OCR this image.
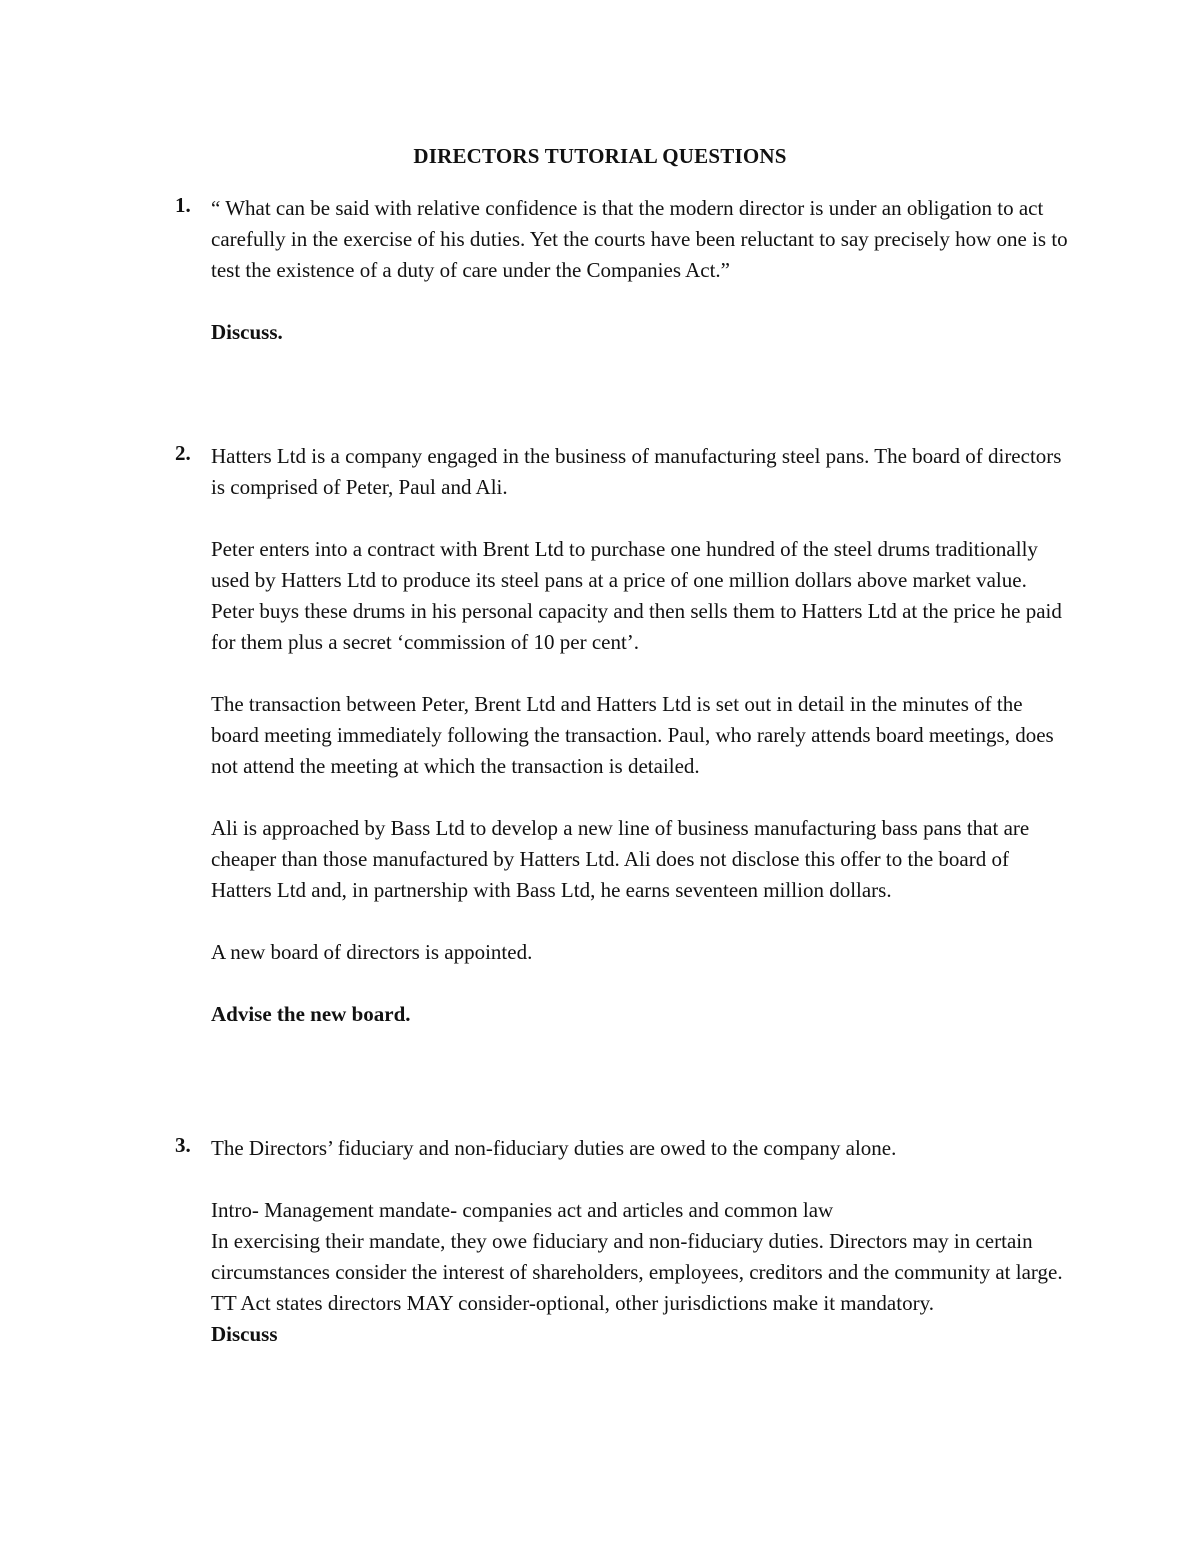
DIRECTORS TUTORIAL QUESTIONS
1. “ What can be said with relative confidence is that the modern director is under an obligation to act carefully in the exercise of his duties. Yet the courts have been reluctant to say precisely how one is to test the existence of a duty of care under the Companies Act.”

Discuss.

2. Hatters Ltd is a company engaged in the business of manufacturing steel pans. The board of directors is comprised of Peter, Paul and Ali.

Peter enters into a contract with Brent Ltd to purchase one hundred of the steel drums traditionally used by Hatters Ltd to produce its steel pans at a price of one million dollars above market value. Peter buys these drums in his personal capacity and then sells them to Hatters Ltd at the price he paid for them plus a secret ‘commission of 10 per cent’.

The transaction between Peter, Brent Ltd and Hatters Ltd is set out in detail in the minutes of the board meeting immediately following the transaction. Paul, who rarely attends board meetings, does not attend the meeting at which the transaction is detailed.

Ali is approached by Bass Ltd to develop a new line of business manufacturing bass pans that are cheaper than those manufactured by Hatters Ltd. Ali does not disclose this offer to the board of Hatters Ltd and, in partnership with Bass Ltd, he earns seventeen million dollars.

A new board of directors is appointed.

Advise the new board.

3. The Directors’ fiduciary and non-fiduciary duties are owed to the company alone.

Intro- Management mandate- companies act and articles and common law

In exercising their mandate, they owe fiduciary and non-fiduciary duties. Directors may in certain circumstances consider the interest of shareholders, employees, creditors and the community at large. TT Act states directors MAY consider-optional, other jurisdictions make it mandatory.

Discuss
